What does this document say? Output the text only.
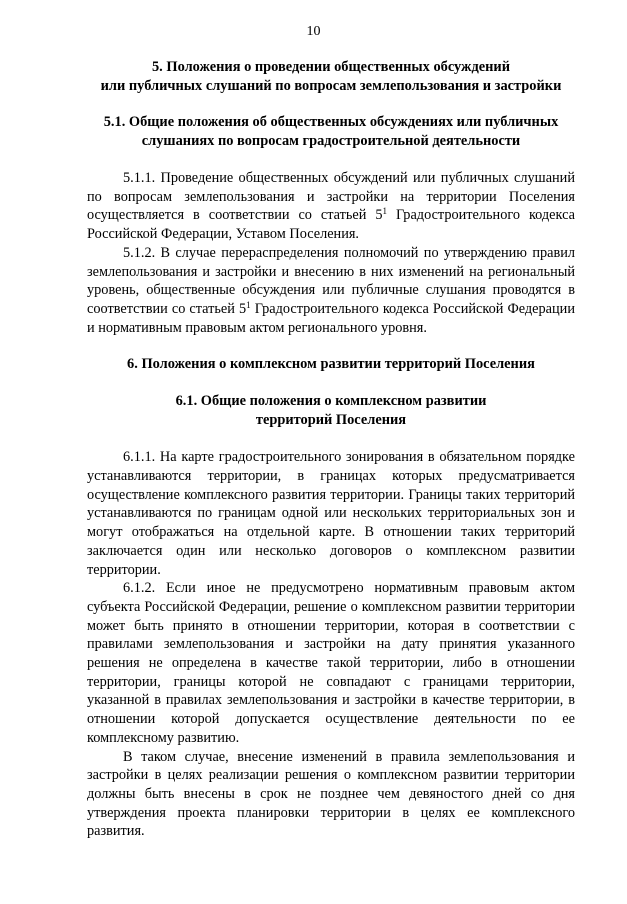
10

5. Положения о проведении общественных обсуждений
или публичных слушаний по вопросам землепользования и застройки

5.1. Общие положения об общественных обсуждениях или публичных
слушаниях по вопросам градостроительной деятельности

5.1.1. Проведение общественных обсуждений или публичных слушаний по вопросам землепользования и застройки на территории Поселения осуществляется в соответствии со статьей $5^1$ Градостроительного кодекса Российской Федерации, Уставом Поселения.

5.1.2. В случае перераспределения полномочий по утверждению правил землепользования и застройки и внесению в них изменений на региональный уровень, общественные обсуждения или публичные слушания проводятся в соответствии со статьей $5^1$ Градостроительного кодекса Российской Федерации и нормативным правовым актом регионального уровня.

6. Положения о комплексном развитии территорий Поселения

6.1. Общие положения о комплексном развитии
территорий Поселения

6.1.1. На карте градостроительного зонирования в обязательном порядке устанавливаются территории, в границах которых предусматривается осуществление комплексного развития территории. Границы таких территорий устанавливаются по границам одной или нескольких территориальных зон и могут отображаться на отдельной карте. В отношении таких территорий заключается один или несколько договоров о комплексном развитии территории.

6.1.2. Если иное не предусмотрено нормативным правовым актом субъекта Российской Федерации, решение о комплексном развитии территории может быть принято в отношении территории, которая в соответствии с правилами землепользования и застройки на дату принятия указанного решения не определена в качестве такой территории, либо в отношении территории, границы которой не совпадают с границами территории, указанной в правилах землепользования и застройки в качестве территории, в отношении которой допускается осуществление деятельности по ее комплексному развитию.

В таком случае, внесение изменений в правила землепользования и застройки в целях реализации решения о комплексном развитии территории должны быть внесены в срок не позднее чем девяностого дней со дня утверждения проекта планировки территории в целях ее комплексного развития.
